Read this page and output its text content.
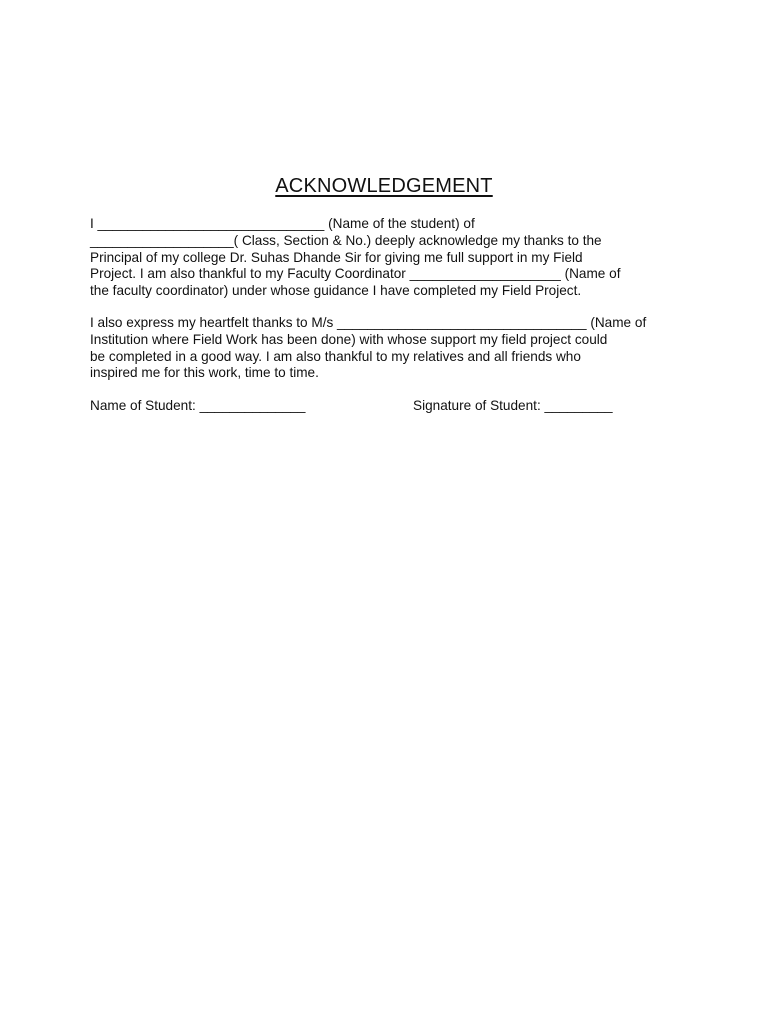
ACKNOWLEDGEMENT
I ______________________________ (Name of the student) of
___________________( Class, Section & No.) deeply acknowledge my thanks to the
Principal of my college Dr. Suhas Dhande Sir for giving me full support in my Field
Project. I am also thankful to my Faculty Coordinator ____________________ (Name of
the faculty coordinator) under whose guidance I have completed my Field Project.
I also express my heartfelt thanks to M/s _________________________________ (Name of
Institution where Field Work has been done) with whose support my field project could
be completed in a good way. I am also thankful to my relatives and all friends who
inspired me for this work, time to time.
Name of Student: ______________	Signature of Student: _________
